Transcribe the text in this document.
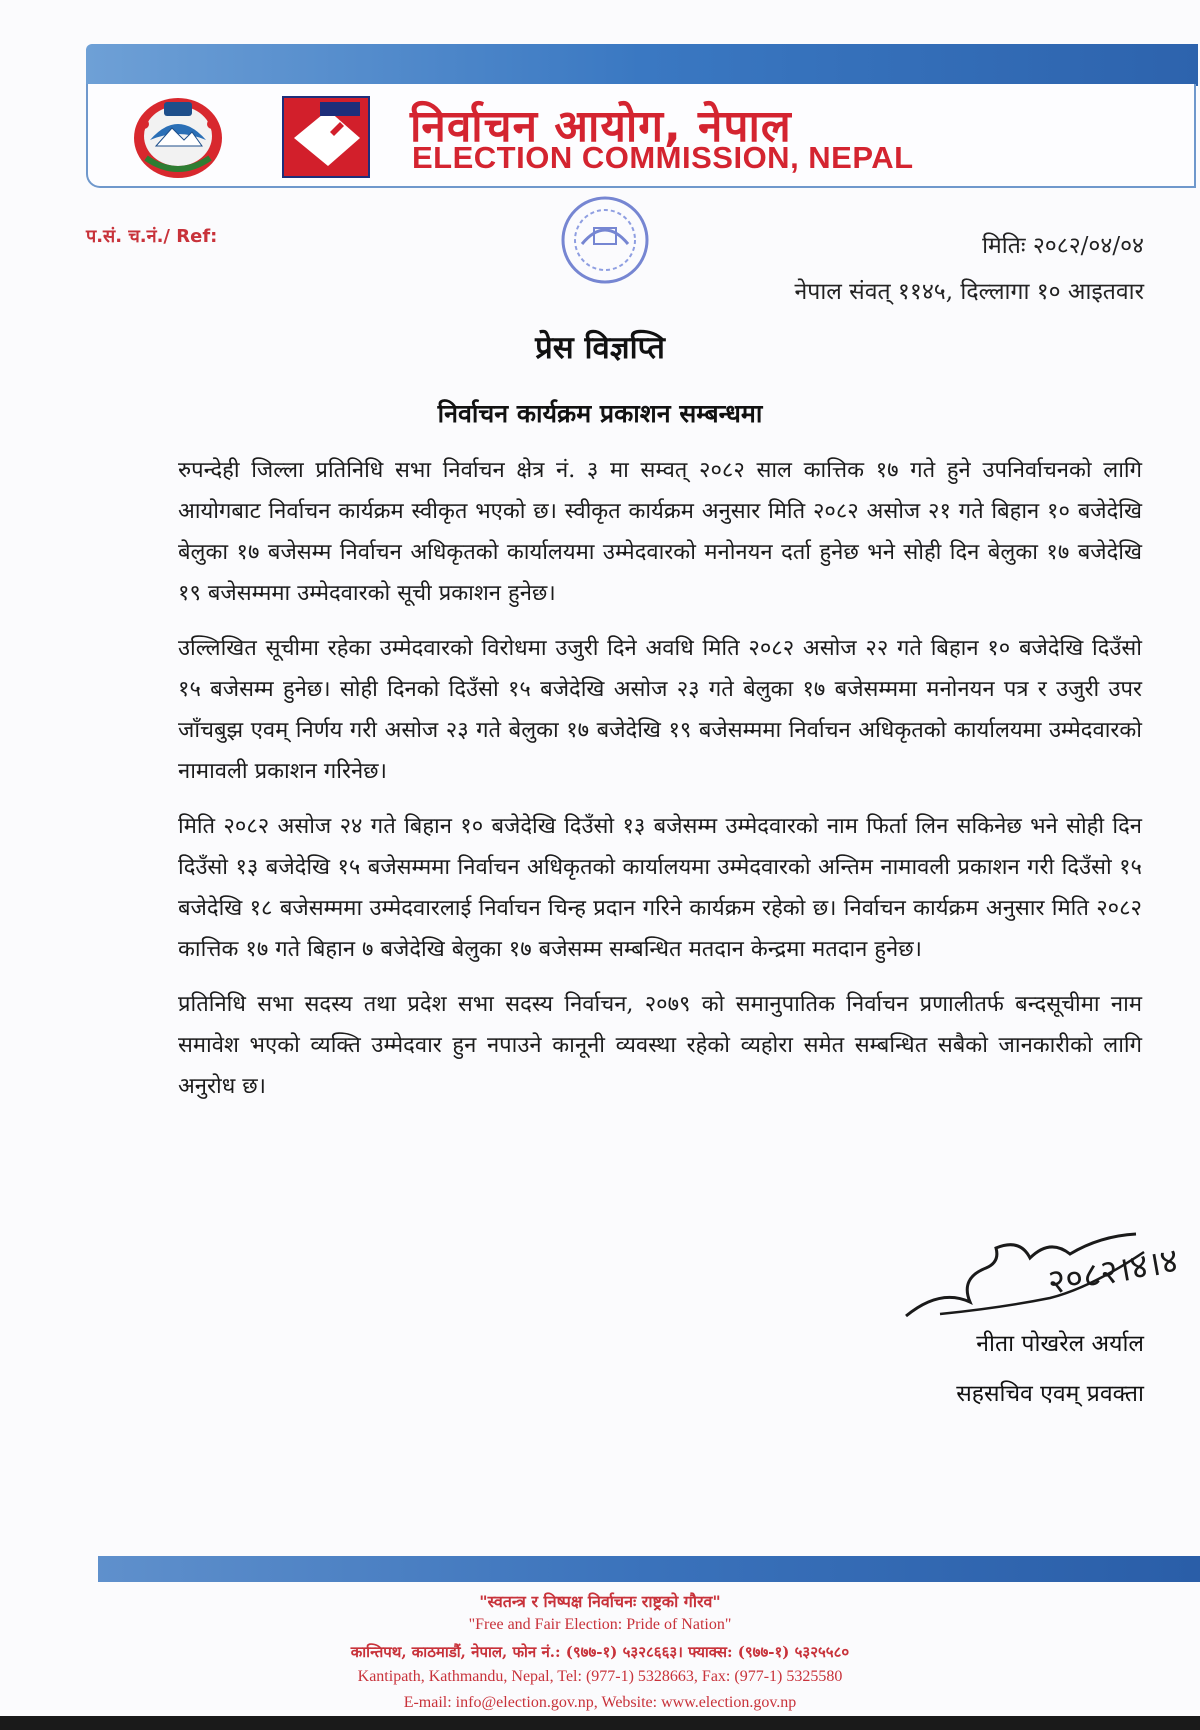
निर्वाचन आयोग, नेपाल
ELECTION COMMISSION, NEPAL
प.सं. च.नं./ Ref:	मितिः २०८२/०४/०४
नेपाल संवत् ११४५, दिल्लागा १० आइतवार
प्रेस विज्ञप्ति
निर्वाचन कार्यक्रम प्रकाशन सम्बन्धमा

रुपन्देही जिल्ला प्रतिनिधि सभा निर्वाचन क्षेत्र नं. ३ मा सम्वत् २०८२ साल कात्तिक १७ गते हुने उपनिर्वाचनको लागि आयोगबाट निर्वाचन कार्यक्रम स्वीकृत भएको छ। स्वीकृत कार्यक्रम अनुसार मिति २०८२ असोज २१ गते बिहान १० बजेदेखि बेलुका १७ बजेसम्म निर्वाचन अधिकृतको कार्यालयमा उम्मेदवारको मनोनयन दर्ता हुनेछ भने सोही दिन बेलुका १७ बजेदेखि १९ बजेसम्ममा उम्मेदवारको सूची प्रकाशन हुनेछ।

उल्लिखित सूचीमा रहेका उम्मेदवारको विरोधमा उजुरी दिने अवधि मिति २०८२ असोज २२ गते बिहान १० बजेदेखि दिउँसो १५ बजेसम्म हुनेछ। सोही दिनको दिउँसो १५ बजेदेखि असोज २३ गते बेलुका १७ बजेसम्ममा मनोनयन पत्र र उजुरी उपर जाँचबुझ एवम् निर्णय गरी असोज २३ गते बेलुका १७ बजेदेखि १९ बजेसम्ममा निर्वाचन अधिकृतको कार्यालयमा उम्मेदवारको नामावली प्रकाशन गरिनेछ।

मिति २०८२ असोज २४ गते बिहान १० बजेदेखि दिउँसो १३ बजेसम्म उम्मेदवारको नाम फिर्ता लिन सकिनेछ भने सोही दिन दिउँसो १३ बजेदेखि १५ बजेसम्ममा निर्वाचन अधिकृतको कार्यालयमा उम्मेदवारको अन्तिम नामावली प्रकाशन गरी दिउँसो १५ बजेदेखि १८ बजेसम्ममा उम्मेदवारलाई निर्वाचन चिन्ह प्रदान गरिने कार्यक्रम रहेको छ। निर्वाचन कार्यक्रम अनुसार मिति २०८२ कात्तिक १७ गते बिहान ७ बजेदेखि बेलुका १७ बजेसम्म सम्बन्धित मतदान केन्द्रमा मतदान हुनेछ।

प्रतिनिधि सभा सदस्य तथा प्रदेश सभा सदस्य निर्वाचन, २०७९ को समानुपातिक निर्वाचन प्रणालीतर्फ बन्दसूचीमा नाम समावेश भएको व्यक्ति उम्मेदवार हुन नपाउने कानूनी व्यवस्था रहेको व्यहोरा समेत सम्बन्धित सबैको जानकारीको लागि अनुरोध छ।

२०८२।४।४
नीता पोखरेल अर्याल
सहसचिव एवम् प्रवक्ता
"स्वतन्त्र र निष्पक्ष निर्वाचनः राष्ट्रको गौरव"
"Free and Fair Election: Pride of Nation"
कान्तिपथ, काठमाडौं, नेपाल, फोन नं.: (९७७-१) ५३२८६६३। फ्याक्स: (९७७-१) ५३२५५८०
Kantipath, Kathmandu, Nepal, Tel: (977-1) 5328663, Fax: (977-1) 5325580
E-mail: info@election.gov.np, Website: www.election.gov.np
